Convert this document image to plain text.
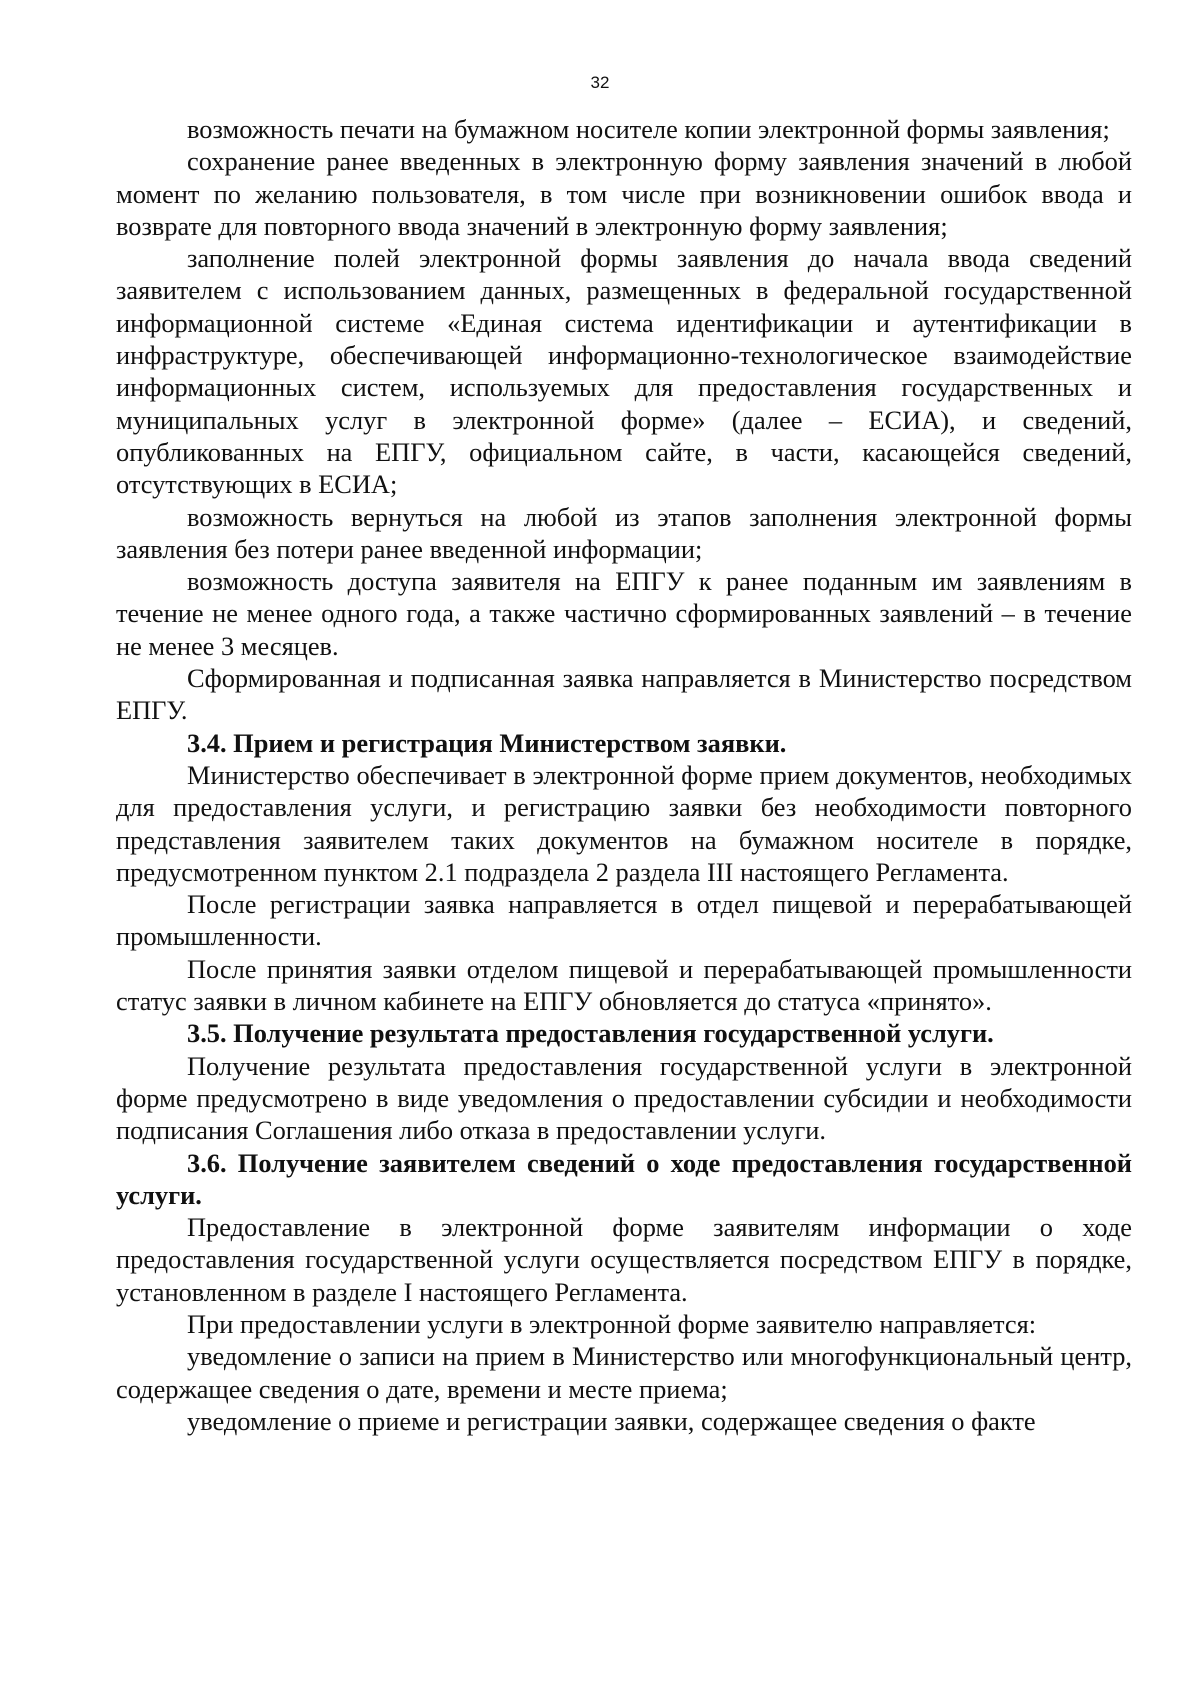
32

возможность печати на бумажном носителе копии электронной формы заявления;

сохранение ранее введенных в электронную форму заявления значений в любой момент по желанию пользователя, в том числе при возникновении ошибок ввода и возврате для повторного ввода значений в электронную форму заявления;

заполнение полей электронной формы заявления до начала ввода сведений заявителем с использованием данных, размещенных в федеральной государственной информационной системе «Единая система идентификации и аутентификации в инфраструктуре, обеспечивающей информационно-технологическое взаимодействие информационных систем, используемых для предоставления государственных и муниципальных услуг в электронной форме» (далее – ЕСИА), и сведений, опубликованных на ЕПГУ, официальном сайте, в части, касающейся сведений, отсутствующих в ЕСИА;

возможность вернуться на любой из этапов заполнения электронной формы заявления без потери ранее введенной информации;

возможность доступа заявителя на ЕПГУ к ранее поданным им заявлениям в течение не менее одного года, а также частично сформированных заявлений – в течение не менее 3 месяцев.

Сформированная и подписанная заявка направляется в Министерство посредством ЕПГУ.

3.4. Прием и регистрация Министерством заявки.

Министерство обеспечивает в электронной форме прием документов, необходимых для предоставления услуги, и регистрацию заявки без необходимости повторного представления заявителем таких документов на бумажном носителе в порядке, предусмотренном пунктом 2.1 подраздела 2 раздела III настоящего Регламента.

После регистрации заявка направляется в отдел пищевой и перерабатывающей промышленности.

После принятия заявки отделом пищевой и перерабатывающей промышленности статус заявки в личном кабинете на ЕПГУ обновляется до статуса «принято».

3.5. Получение результата предоставления государственной услуги.

Получение результата предоставления государственной услуги в электронной форме предусмотрено в виде уведомления о предоставлении субсидии и необходимости подписания Соглашения либо отказа в предоставлении услуги.

3.6. Получение заявителем сведений о ходе предоставления государственной услуги.

Предоставление в электронной форме заявителям информации о ходе предоставления государственной услуги осуществляется посредством ЕПГУ в порядке, установленном в разделе I настоящего Регламента.

При предоставлении услуги в электронной форме заявителю направляется:

уведомление о записи на прием в Министерство или многофункциональный центр, содержащее сведения о дате, времени и месте приема;

уведомление о приеме и регистрации заявки, содержащее сведения о факте
